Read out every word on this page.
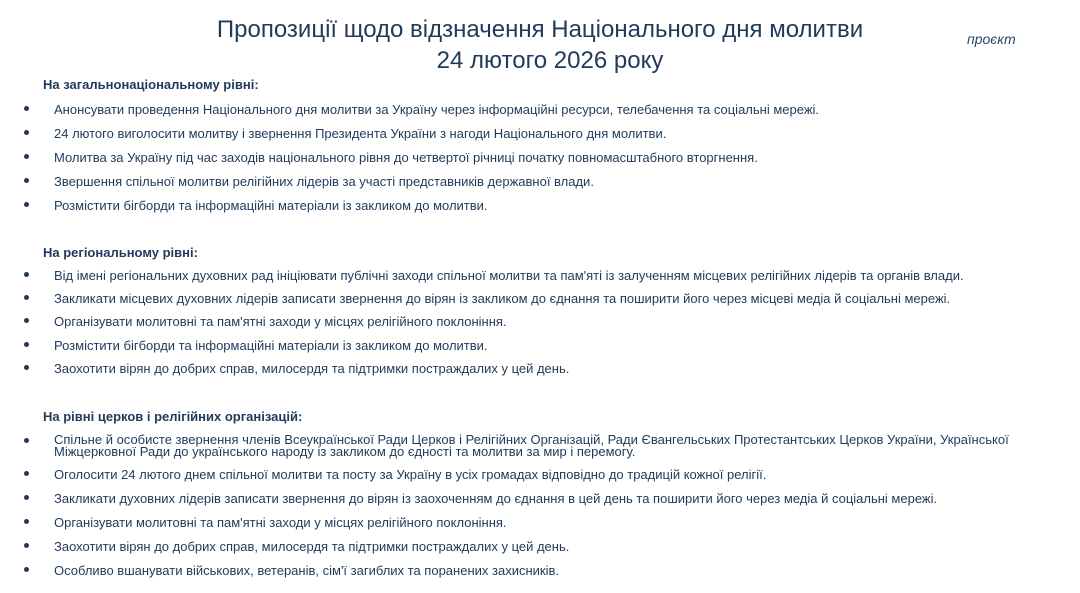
Пропозиції щодо відзначення Національного дня молитви
24 лютого 2026 року
проєкт
На загальнонаціональному рівні:
Анонсувати проведення Національного дня молитви за Україну через інформаційні ресурси, телебачення та соціальні мережі.
24 лютого виголосити молитву і звернення Президента України з нагоди Національного дня молитви.
Молитва за Україну під час заходів національного рівня до четвертої річниці початку повномасштабного вторгнення.
Звершення спільної молитви релігійних лідерів за участі представників державної влади.
Розмістити бігборди та інформаційні матеріали із закликом до молитви.
На регіональному рівні:
Від імені регіональних духовних рад ініціювати публічні заходи спільної молитви та пам'яті із залученням місцевих релігійних лідерів та органів влади.
Закликати місцевих духовних лідерів записати звернення до вірян із закликом до єднання та поширити його через місцеві медіа й соціальні мережі.
Організувати молитовні та пам'ятні заходи у місцях релігійного поклоніння.
Розмістити бігборди та інформаційні матеріали із закликом до молитви.
Заохотити вірян до добрих справ, милосердя та підтримки постраждалих у цей день.
На рівні церков і релігійних організацій:
Спільне й особисте звернення членів Всеукраїнської Ради Церков і Релігійних Організацій, Ради Євангельських Протестантських Церков України, Української Міжцерковної Ради до українського народу із закликом до єдності та молитви за мир і перемогу.
Оголосити 24 лютого днем спільної молитви та посту за Україну в усіх громадах відповідно до традицій кожної релігії.
Закликати духовних лідерів записати звернення до вірян із заохоченням до єднання в цей день та поширити його через медіа й соціальні мережі.
Організувати молитовні та пам'ятні заходи у місцях релігійного поклоніння.
Заохотити вірян до добрих справ, милосердя та підтримки постраждалих у цей день.
Особливо вшанувати військових, ветеранів, сім'ї загиблих та поранених захисників.
